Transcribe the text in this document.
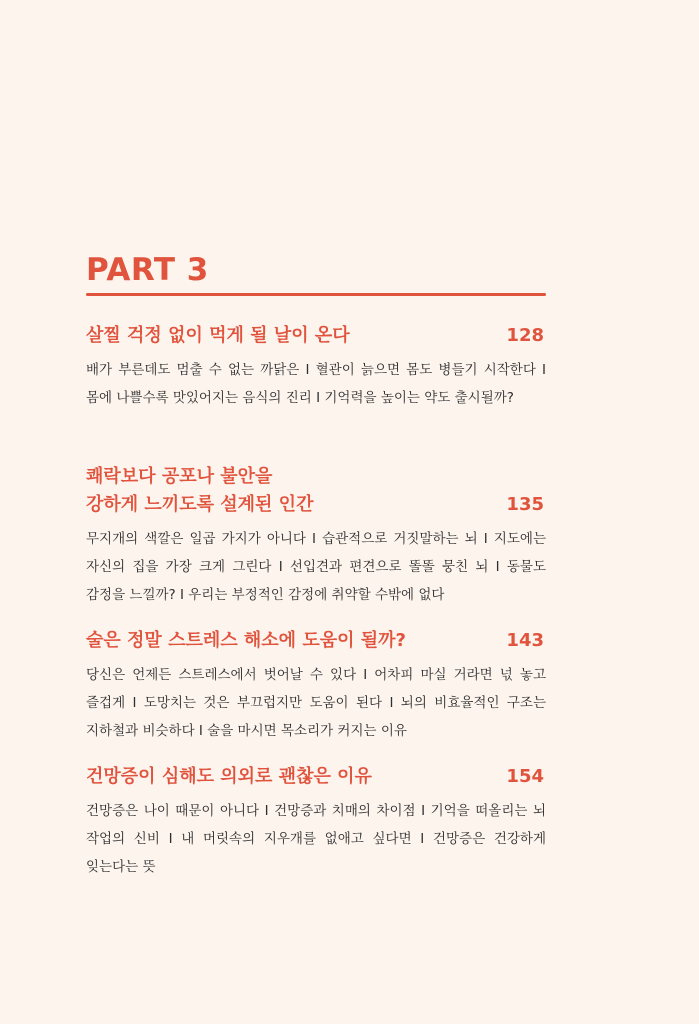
PART 3
살찔 걱정 없이 먹게 될 날이 온다	128
배가 부른데도 멈출 수 없는 까닭은 I 혈관이 늙으면 몸도 병들기 시작한다 I 몸에 나쁠수록 맛있어지는 음식의 진리 I 기억력을 높이는 약도 출시될까?
쾌락보다 공포나 불안을
강하게 느끼도록 설계된 인간	135
무지개의 색깔은 일곱 가지가 아니다 I 습관적으로 거짓말하는 뇌 I 지도에는 자신의 집을 가장 크게 그린다 I 선입견과 편견으로 똘똘 뭉친 뇌 I 동물도 감정을 느낄까? I 우리는 부정적인 감정에 취약할 수밖에 없다
술은 정말 스트레스 해소에 도움이 될까?	143
당신은 언제든 스트레스에서 벗어날 수 있다 I 어차피 마실 거라면 넋 놓고 즐겁게 I 도망치는 것은 부끄럽지만 도움이 된다 I 뇌의 비효율적인 구조는 지하철과 비슷하다 I 술을 마시면 목소리가 커지는 이유
건망증이 심해도 의외로 괜찮은 이유	154
건망증은 나이 때문이 아니다 I 건망증과 치매의 차이점 I 기억을 떠올리는 뇌 작업의 신비 I 내 머릿속의 지우개를 없애고 싶다면 I 건망증은 건강하게 잊는다는 뜻
